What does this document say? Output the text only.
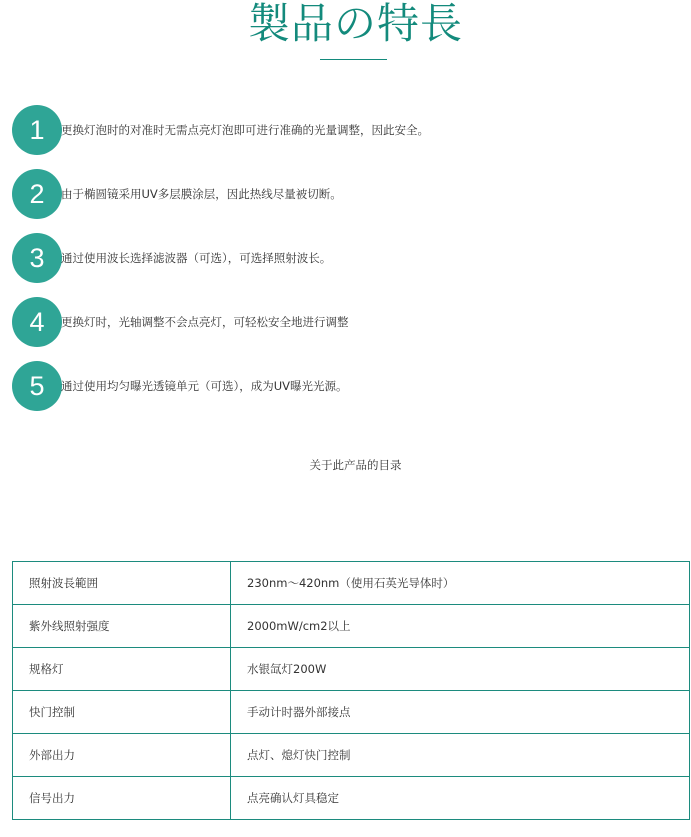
製品の特長
1	更换灯泡时的对准时无需点亮灯泡即可进行准确的光量调整，因此安全。
2	由于椭圆镜采用UV多层膜涂层，因此热线尽量被切断。
3	通过使用波长选择滤波器（可选），可选择照射波长。
4	更换灯时，光轴调整不会点亮灯，可轻松安全地进行调整
5	通过使用均匀曝光透镜单元（可选），成为UV曝光光源。
关于此产品的目录
照射波長範囲	230nm～420nm（使用石英光导体时）
紫外线照射强度	2000mW/cm2以上
规格灯	水银氙灯200W
快门控制	手动计时器外部接点
外部出力	点灯、熄灯快门控制
信号出力	点亮确认灯具稳定
